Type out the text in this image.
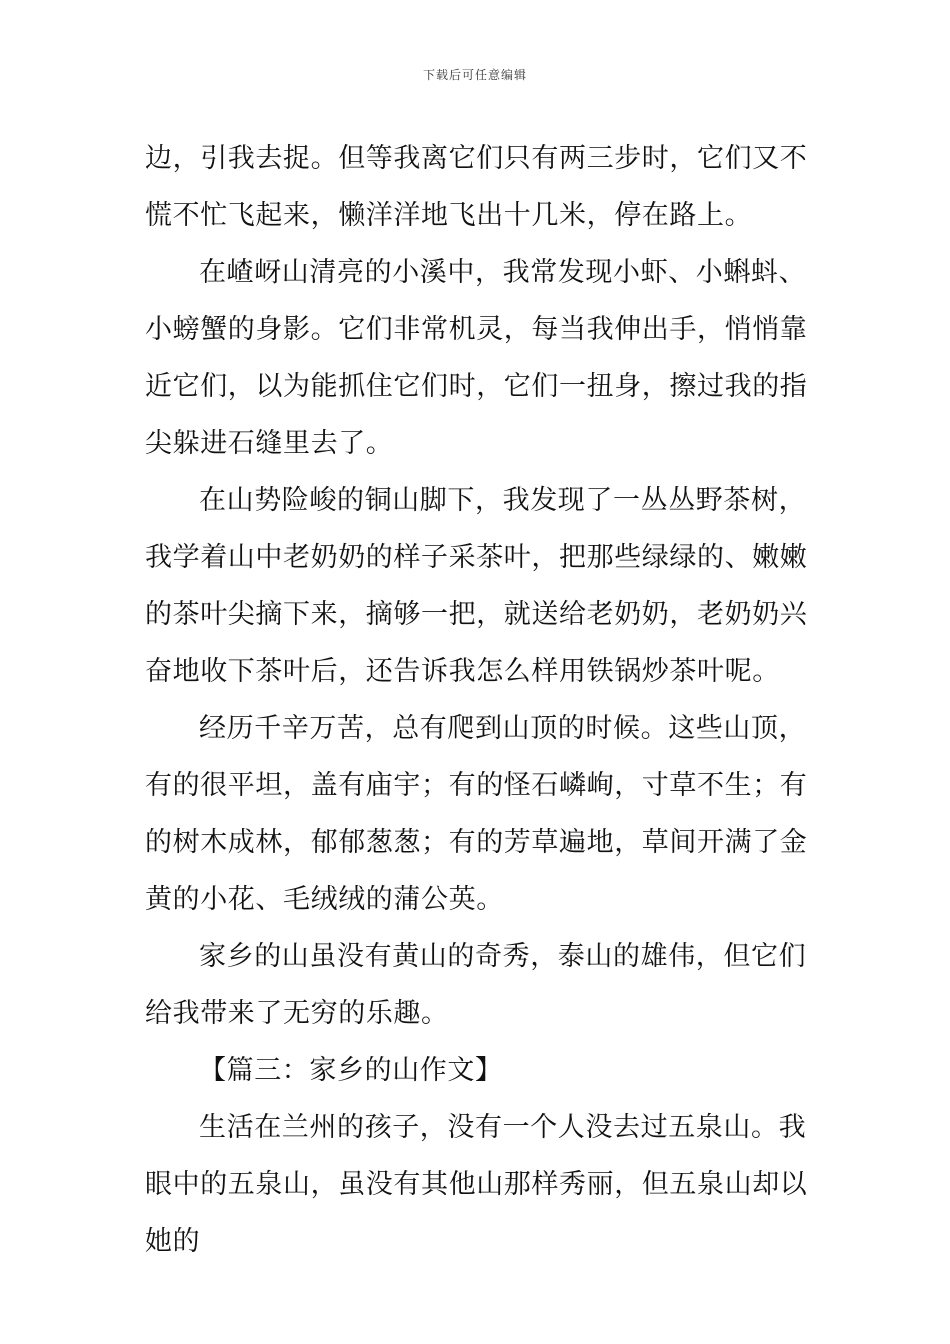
下载后可任意编辑

边，引我去捉。但等我离它们只有两三步时，它们又不慌不忙飞起来，懒洋洋地飞出十几米，停在路上。

在嵖岈山清亮的小溪中，我常发现小虾、小蝌蚪、小螃蟹的身影。它们非常机灵，每当我伸出手，悄悄靠近它们，以为能抓住它们时，它们一扭身，擦过我的指尖躲进石缝里去了。

在山势险峻的铜山脚下，我发现了一丛丛野茶树，我学着山中老奶奶的样子采茶叶，把那些绿绿的、嫩嫩的茶叶尖摘下来，摘够一把，就送给老奶奶，老奶奶兴奋地收下茶叶后，还告诉我怎么样用铁锅炒茶叶呢。

经历千辛万苦，总有爬到山顶的时候。这些山顶，有的很平坦，盖有庙宇；有的怪石嶙峋，寸草不生；有的树木成林，郁郁葱葱；有的芳草遍地，草间开满了金黄的小花、毛绒绒的蒲公英。

家乡的山虽没有黄山的奇秀，泰山的雄伟，但它们给我带来了无穷的乐趣。

【篇三：家乡的山作文】

生活在兰州的孩子，没有一个人没去过五泉山。我眼中的五泉山，虽没有其他山那样秀丽，但五泉山却以她的
